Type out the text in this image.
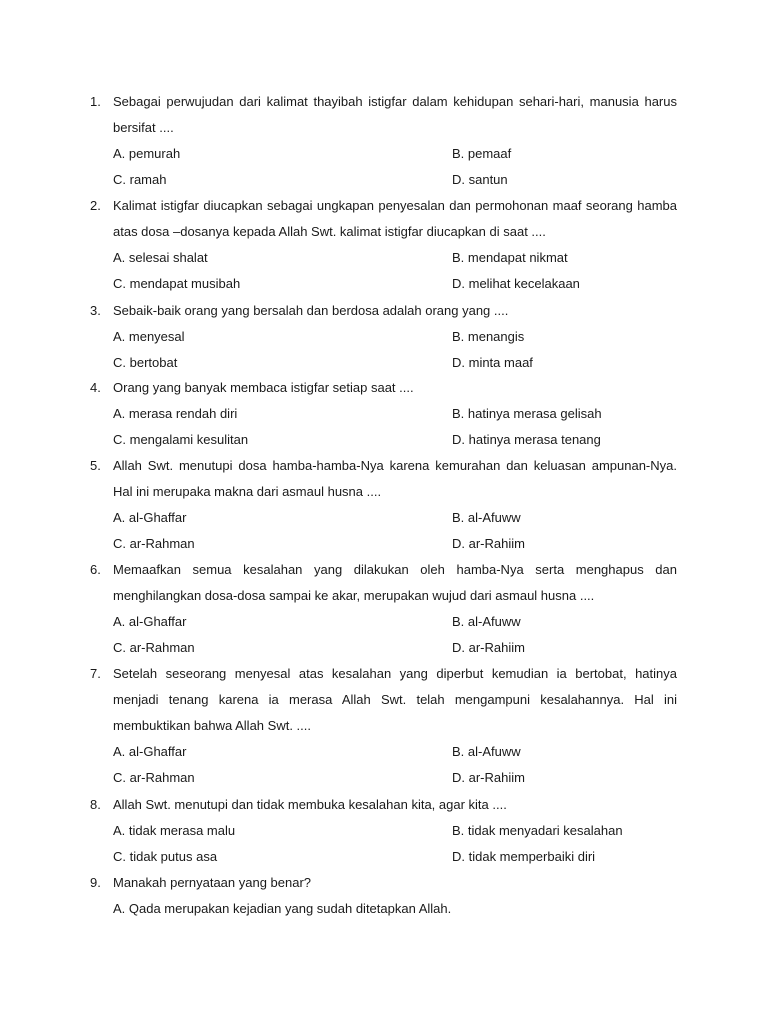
1. Sebagai perwujudan dari kalimat thayibah istigfar dalam kehidupan sehari-hari, manusia harus bersifat ....
A. pemurah	B. pemaaf
C. ramah	D. santun
2. Kalimat istigfar diucapkan sebagai ungkapan penyesalan dan permohonan maaf seorang hamba atas dosa –dosanya kepada Allah Swt. kalimat istigfar diucapkan di saat ....
A. selesai shalat	B. mendapat nikmat
C. mendapat musibah	D. melihat kecelakaan
3. Sebaik-baik orang yang bersalah dan berdosa adalah orang yang ....
A. menyesal	B. menangis
C. bertobat	D. minta maaf
4. Orang yang banyak membaca istigfar setiap saat ....
A. merasa rendah diri	B. hatinya merasa gelisah
C. mengalami kesulitan	D. hatinya merasa tenang
5. Allah Swt. menutupi dosa hamba-hamba-Nya karena kemurahan dan keluasan ampunan-Nya. Hal ini merupaka makna dari asmaul husna ....
A. al-Ghaffar	B. al-Afuww
C. ar-Rahman	D. ar-Rahiim
6. Memaafkan semua kesalahan yang dilakukan oleh hamba-Nya serta menghapus dan menghilangkan dosa-dosa sampai ke akar, merupakan wujud dari asmaul husna ....
A. al-Ghaffar	B. al-Afuww
C. ar-Rahman	D. ar-Rahiim
7. Setelah seseorang menyesal atas kesalahan yang diperbut kemudian ia bertobat, hatinya menjadi tenang karena ia merasa Allah Swt. telah mengampuni kesalahannya. Hal ini membuktikan bahwa Allah Swt. ....
A. al-Ghaffar	B. al-Afuww
C. ar-Rahman	D. ar-Rahiim
8. Allah Swt. menutupi dan tidak membuka kesalahan kita, agar kita ....
A. tidak merasa malu	B. tidak menyadari kesalahan
C. tidak putus asa	D. tidak memperbaiki diri
9. Manakah pernyataan yang benar?
A. Qada merupakan kejadian yang sudah ditetapkan Allah.
